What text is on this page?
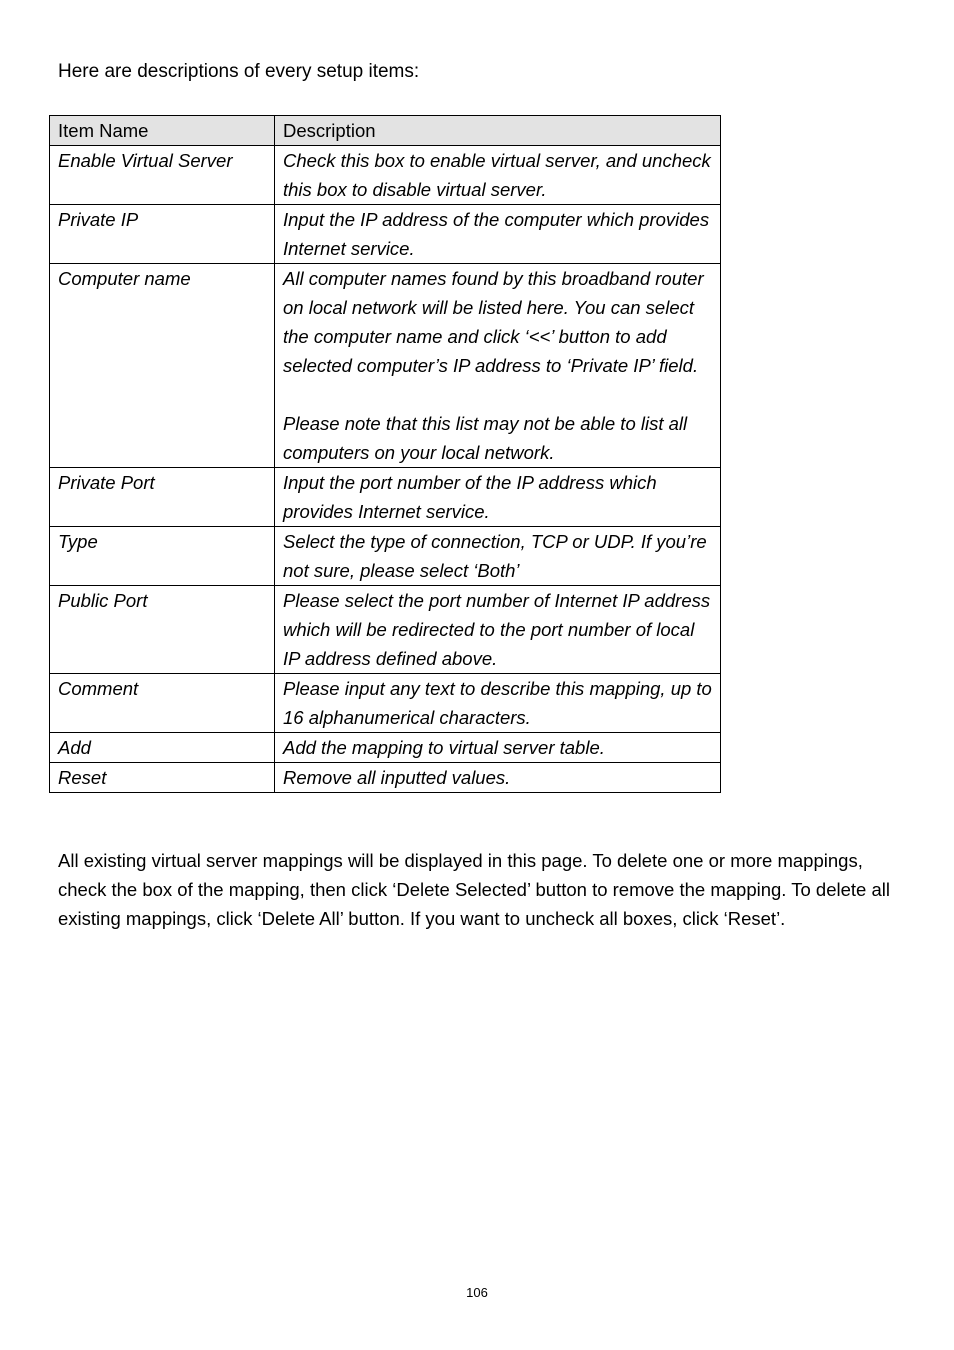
Here are descriptions of every setup items:

Item Name	Description
Enable Virtual Server	Check this box to enable virtual server, and uncheck this box to disable virtual server.

Private IP	Input the IP address of the computer which provides Internet service.

Computer name	All computer names found by this broadband router on local network will be listed here. You can select the computer name and click ‘<<’ button to add selected computer’s IP address to ‘Private IP’ field.
Please note that this list may not be able to list all computers on your local network.

Private Port	Input the port number of the IP address which provides Internet service.

Type	Select the type of connection, TCP or UDP. If you’re not sure, please select ‘Both’

Public Port	Please select the port number of Internet IP address which will be redirected to the port number of local IP address defined above.

Comment	Please input any text to describe this mapping, up to 16 alphanumerical characters.

Add	Add the mapping to virtual server table.

Reset	Remove all inputted values.

All existing virtual server mappings will be displayed in this page. To delete one or more mappings, check the box of the mapping, then click ‘Delete Selected’ button to remove the mapping. To delete all existing mappings, click ‘Delete All’ button. If you want to uncheck all boxes, click ‘Reset’.

106
